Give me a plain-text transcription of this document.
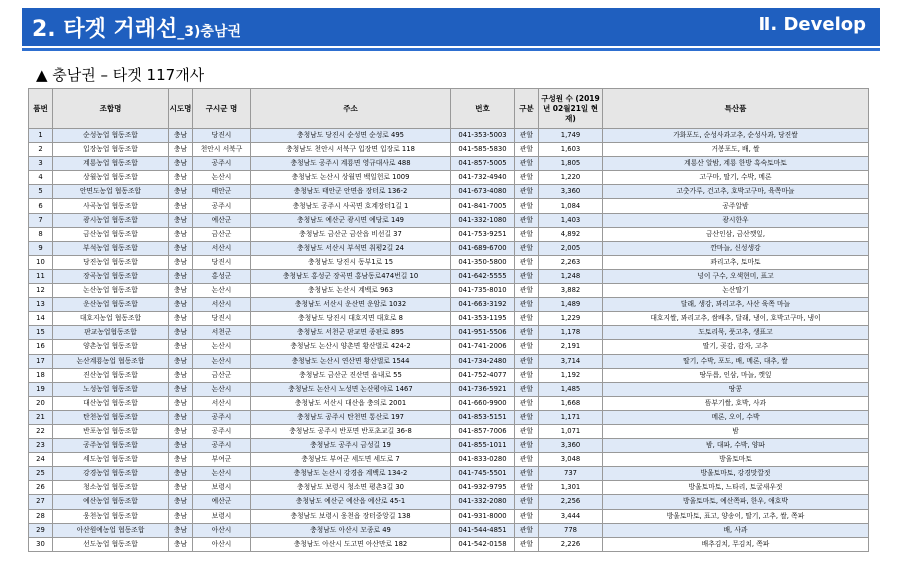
2. 타겟 거래선_3)충남권	Ⅱ. Develop
▲ 충남권 – 타겟 117개사
품번	조합명	시도명	구시군 명	주소	번호	구분	구성원 수 (2019년 02월21일 현재)	특산품
1	순성농업 협동조합	충남	당진시	충청남도 당진시 순성면 순성로 495	041-353-5003	관할	1,749	가화포도, 순성사과고추, 순성사과, 당진쌀
2	입장농업 협동조합	충남	천안시 서북구	충청남도 천안시 서북구 입장면 입장로 118	041-585-5830	관할	1,603	거봉포도, 배, 쌀
3	계룡농업 협동조합	충남	공주시	충청남도 공주시 계룡면 영규대사로 488	041-857-5005	관할	1,805	계룡산 알밤, 계룡 한방 흑숙토마토
4	상월농업 협동조합	충남	논산시	충청남도 논산시 상월면 백일헌로 1009	041-732-4940	관할	1,220	고구마, 딸기, 수박, 메론
5	안면도농업 협동조합	충남	태안군	충청남도 태안군 안면읍 장터로 136-2	041-673-4080	관할	3,360	고춧가루, 건고추, 호박고구마, 육쪽마늘
6	사곡농업 협동조합	충남	공주시	충청남도 공주시 사곡면 호계장터1길 1	041-841-7005	관할	1,084	공주알밤
7	광시농업 협동조합	충남	예산군	충청남도 예산군 광시면 예당로 149	041-332-1080	관할	1,403	광시한우
8	금산농업 협동조합	충남	금산군	충청남도 금산군 금산읍 비선길 37	041-753-9251	관할	4,892	금산인삼, 금산깻잎,
9	부석농업 협동조합	충남	서산시	충청남도 서산시 부석면 취평2길 24	041-689-6700	관할	2,005	깐마늘, 신성생강
10	당진농업 협동조합	충남	당진시	충청남도 당진시 동부1로 15	041-350-5800	관할	2,263	꽈리고추, 토마토
11	장곡농업 협동조합	충남	홍성군	충청남도 홍성군 장곡면 홍남동로474번길 10	041-642-5555	관할	1,248	넝이 구수, 오색현미, 표고
12	논산농업 협동조합	충남	논산시	충청남도 논산시 계백로 963	041-735-8010	관할	3,882	논산딸기
13	운산농업 협동조합	충남	서산시	충청남도 서산시 운산면 운암로 1032	041-663-3192	관할	1,489	달래, 생강, 꽈리고추, 사산 육쪽 마늘
14	대호지농업 협동조합	충남	당진시	충청남도 당진시 대호지면 대호로 8	041-353-1195	관할	1,229	대호지쌀, 꽈리고추, 쌈배추, 달래, 냉이, 호박고구마, 냉이
15	판교농업협동조합	충남	서천군	충청남도 서천군 판교면 종판로 895	041-951-5506	관할	1,178	도토리묵, 풋고추, 생표고
16	양촌농업 협동조합	충남	논산시	충청남도 논산시 양촌면 황산벌로 424-2	041-741-2006	관할	2,191	딸기, 곶감, 감자, 고추
17	논산계룡농업 협동조합	충남	논산시	충청남도 논산시 연산면 황산벌로 1544	041-734-2480	관할	3,714	딸기, 수박, 포도, 배, 메론, 대추, 쌀
18	진산농업 협동조합	충남	금산군	충청남도 금산군 진산면 읍내로 55	041-752-4077	관할	1,192	땅두릅, 인삼, 마늘, 깻잎
19	노성농업 협동조합	충남	논산시	충청남도 논산시 노성면 논산평야로 1467	041-736-5921	관할	1,485	땅콩
20	대산농업 협동조합	충남	서산시	충청남도 서산시 대산읍 충의로 2001	041-660-9900	관할	1,668	뜸부기쌀, 호박, 사과
21	탄천농업 협동조합	충남	공주시	충청남도 공주시 탄천면 통산로 197	041-853-5151	관할	1,171	메론, 오이, 수박
22	반포농업 협동조합	충남	공주시	충청남도 공주시 반포면 반포초교길 36-8	041-857-7006	관할	1,071	밤
23	공주농업 협동조합	충남	공주시	충청남도 공주시 금성길 19	041-855-1011	관할	3,360	밤, 대파, 수박, 양파
24	세도농업 협동조합	충남	부여군	충청남도 부여군 세도면 세도로 7	041-833-0280	관할	3,048	방울토마토
25	강경농업 협동조합	충남	논산시	충청남도 논산시 강경읍 계백로 134-2	041-745-5501	관할	737	방울토마토, 강경맛깔젓
26	청소농업 협동조합	충남	보령시	충청남도 보령시 청소면 평촌3길 30	041-932-9795	관할	1,301	방울토마토, 느타리, 토굴새우젓
27	예산농업 협동조합	충남	예산군	충청남도 예산군 예산읍 예산로 45-1	041-332-2080	관할	2,256	방울토마토, 예산쪽파, 한우, 애호박
28	웅천농업 협동조합	충남	보령시	충청남도 보령시 웅천읍 장터중앙길 138	041-931-8000	관할	3,444	방울토마토, 표고, 양송이, 딸기, 고추, 쌀, 쪽파
29	아산원예농업 협동조합	충남	아산시	충청남도 아산시 모종로 49	041-544-4851	관할	778	배, 사과
30	선도농업 협동조합	충남	아산시	충청남도 아산시 도고면 아산만로 182	041-542-0158	관할	2,226	배추김치, 무김치, 쪽파
